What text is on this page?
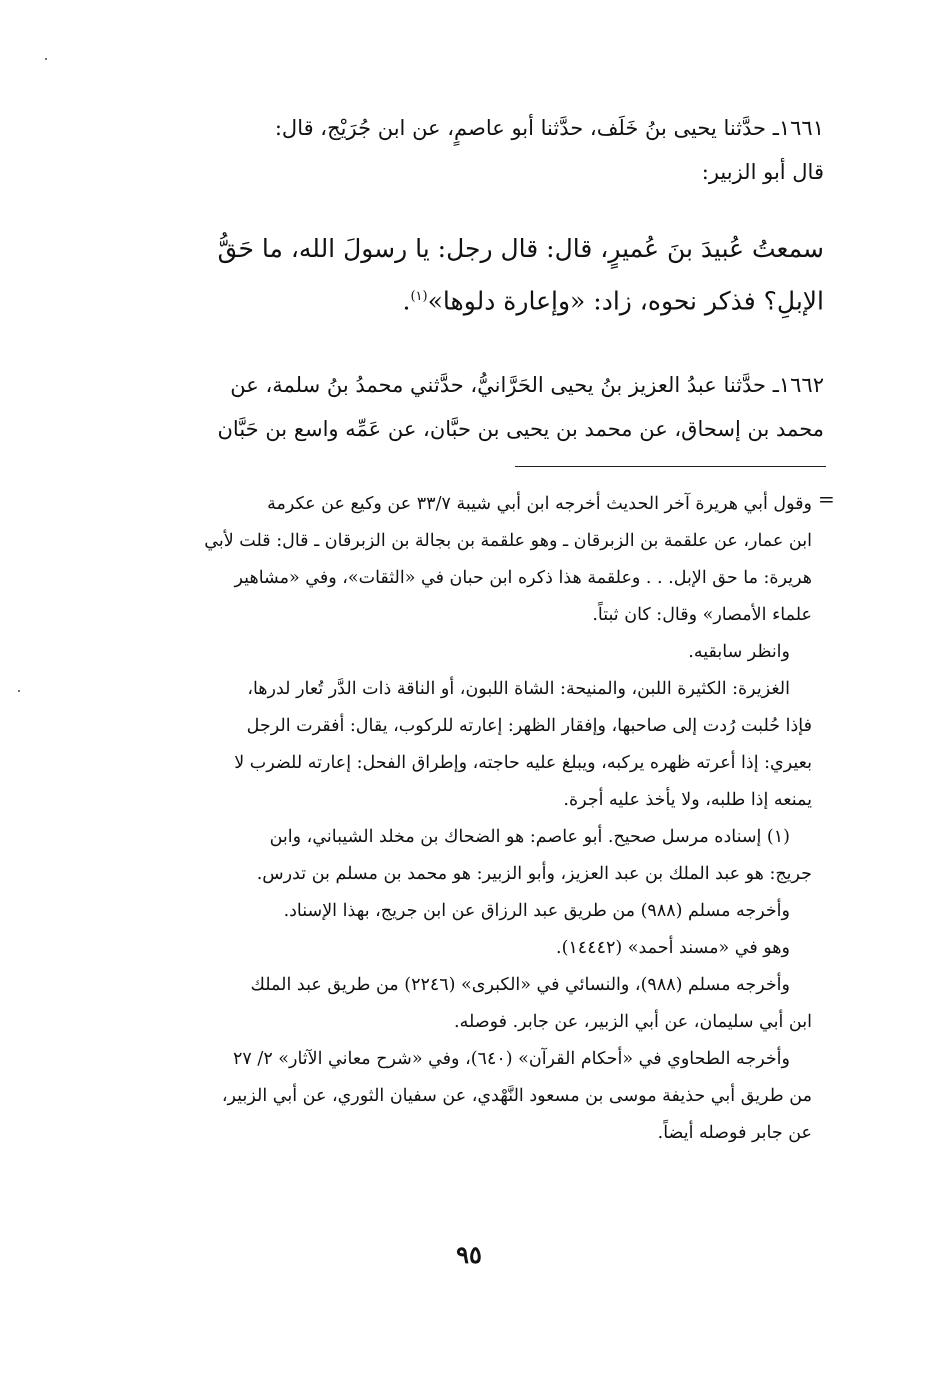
١٦٦١ـ حدَّثنا يحيى بنُ خَلَف، حدَّثنا أبو عاصمٍ، عن ابن جُرَيْج، قال:

قال أبو الزبير:

سمعتُ عُبيدَ بنَ عُميرٍ، قال: قال رجل: يا رسولَ الله، ما حَقُّ

الإبلِ؟ فذكر نحوه، زاد: «وإعارة دلوها»$^{(١)}$.

١٦٦٢ـ حدَّثنا عبدُ العزيز بنُ يحيى الحَرَّانيُّ، حدَّثني محمدُ بنُ سلمة، عن

محمد بن إسحاق، عن محمد بن يحيى بن حبَّان، عن عَمِّه واسع بن حَبَّان

=

وقول أبي هريرة آخر الحديث أخرجه ابن أبي شيبة ٣٣/٧ عن وكيع عن عكرمة

ابن عمار، عن علقمة بن الزبرقان ـ وهو علقمة بن بجالة بن الزبرقان ـ قال: قلت لأبي

هريرة: ما حق الإبل. . . وعلقمة هذا ذكره ابن حبان في «الثقات»، وفي «مشاهير

علماء الأمصار» وقال: كان ثبتاً.

وانظر سابقيه.

الغزيرة: الكثيرة اللبن، والمنيحة: الشاة اللبون، أو الناقة ذات الدَّر تُعار لدرها،

فإذا حُلبت رُدت إلى صاحبها، وإفقار الظهر: إعارته للركوب، يقال: أفقرت الرجل

بعيري: إذا أعرته ظهره يركبه، ويبلغ عليه حاجته، وإطراق الفحل: إعارته للضرب لا

يمنعه إذا طلبه، ولا يأخذ عليه أجرة.

(١) إسناده مرسل صحيح. أبو عاصم: هو الضحاك بن مخلد الشيباني، وابن

جريج: هو عبد الملك بن عبد العزيز، وأبو الزبير: هو محمد بن مسلم بن تدرس.

وأخرجه مسلم (٩٨٨) من طريق عبد الرزاق عن ابن جريج، بهذا الإسناد.

وهو في «مسند أحمد» (١٤٤٤٢).

وأخرجه مسلم (٩٨٨)، والنسائي في «الكبرى» (٢٢٤٦) من طريق عبد الملك

ابن أبي سليمان، عن أبي الزبير، عن جابر. فوصله.

وأخرجه الطحاوي في «أحكام القرآن» (٦٤٠)، وفي «شرح معاني الآثار» ٢/ ٢٧

من طريق أبي حذيفة موسى بن مسعود النَّهْدي، عن سفيان الثوري، عن أبي الزبير،

عن جابر فوصله أيضاً.

٩٥
